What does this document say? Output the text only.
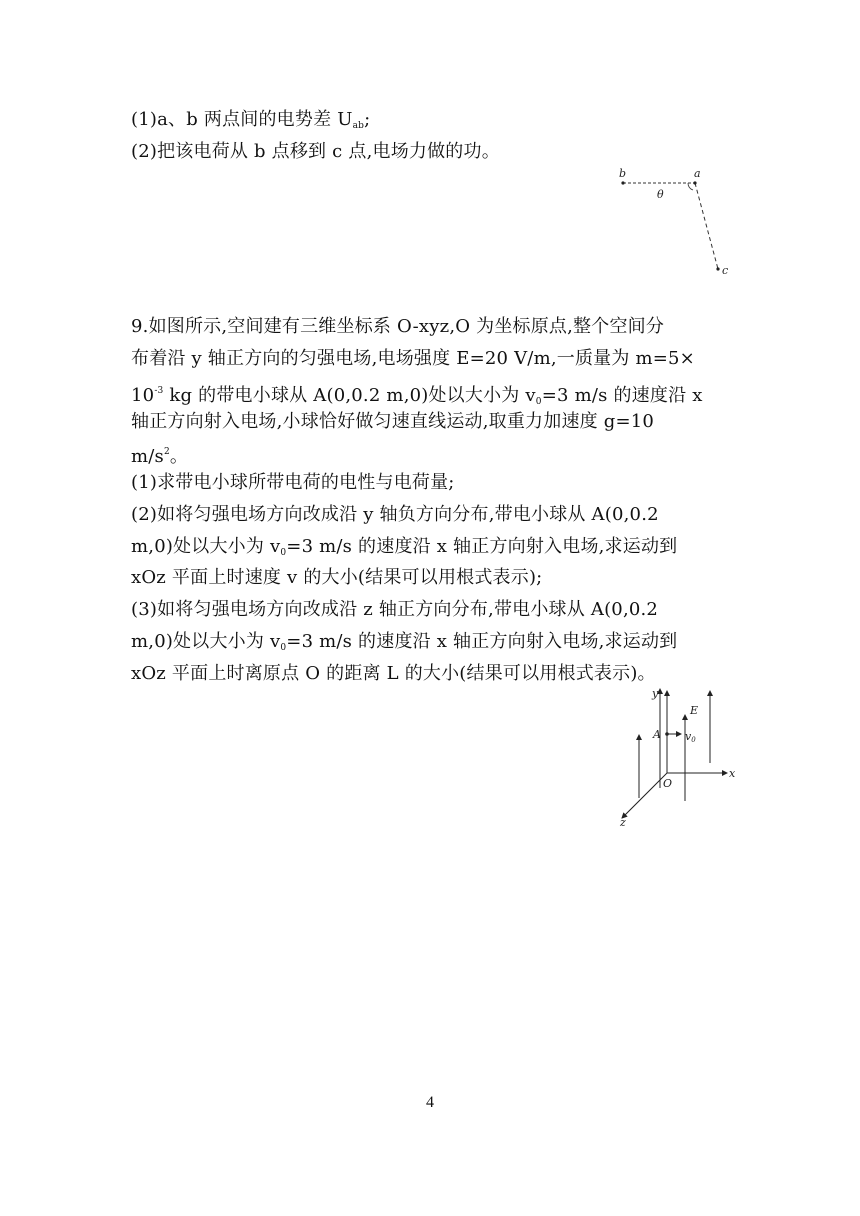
(1)a、b 两点间的电势差 $U_{ab}$;
(2)把该电荷从 b 点移到 c 点,电场力做的功。
b	a
θ
c
9.如图所示,空间建有三维坐标系 O-xyz,O 为坐标原点,整个空间分
布着沿 y 轴正方向的匀强电场,电场强度 E=20 V/m,一质量为 m=5×
$10^{-3}$ kg 的带电小球从 A(0,0.2 m,0)处以大小为 $v_0=3$ m/s 的速度沿 x
轴正方向射入电场,小球恰好做匀速直线运动,取重力加速度 g=10
$m/s^2$。
(1)求带电小球所带电荷的电性与电荷量;
(2)如将匀强电场方向改成沿 y 轴负方向分布,带电小球从 A(0,0.2
m,0)处以大小为 $v_0=3$ m/s 的速度沿 x 轴正方向射入电场,求运动到
xOz 平面上时速度 v 的大小(结果可以用根式表示);
(3)如将匀强电场方向改成沿 z 轴正方向分布,带电小球从 A(0,0.2
m,0)处以大小为 $v_0=3$ m/s 的速度沿 x 轴正方向射入电场,求运动到
xOz 平面上时离原点 O 的距离 L 的大小(结果可以用根式表示)。
y
E
A v0
O
x
z
4
